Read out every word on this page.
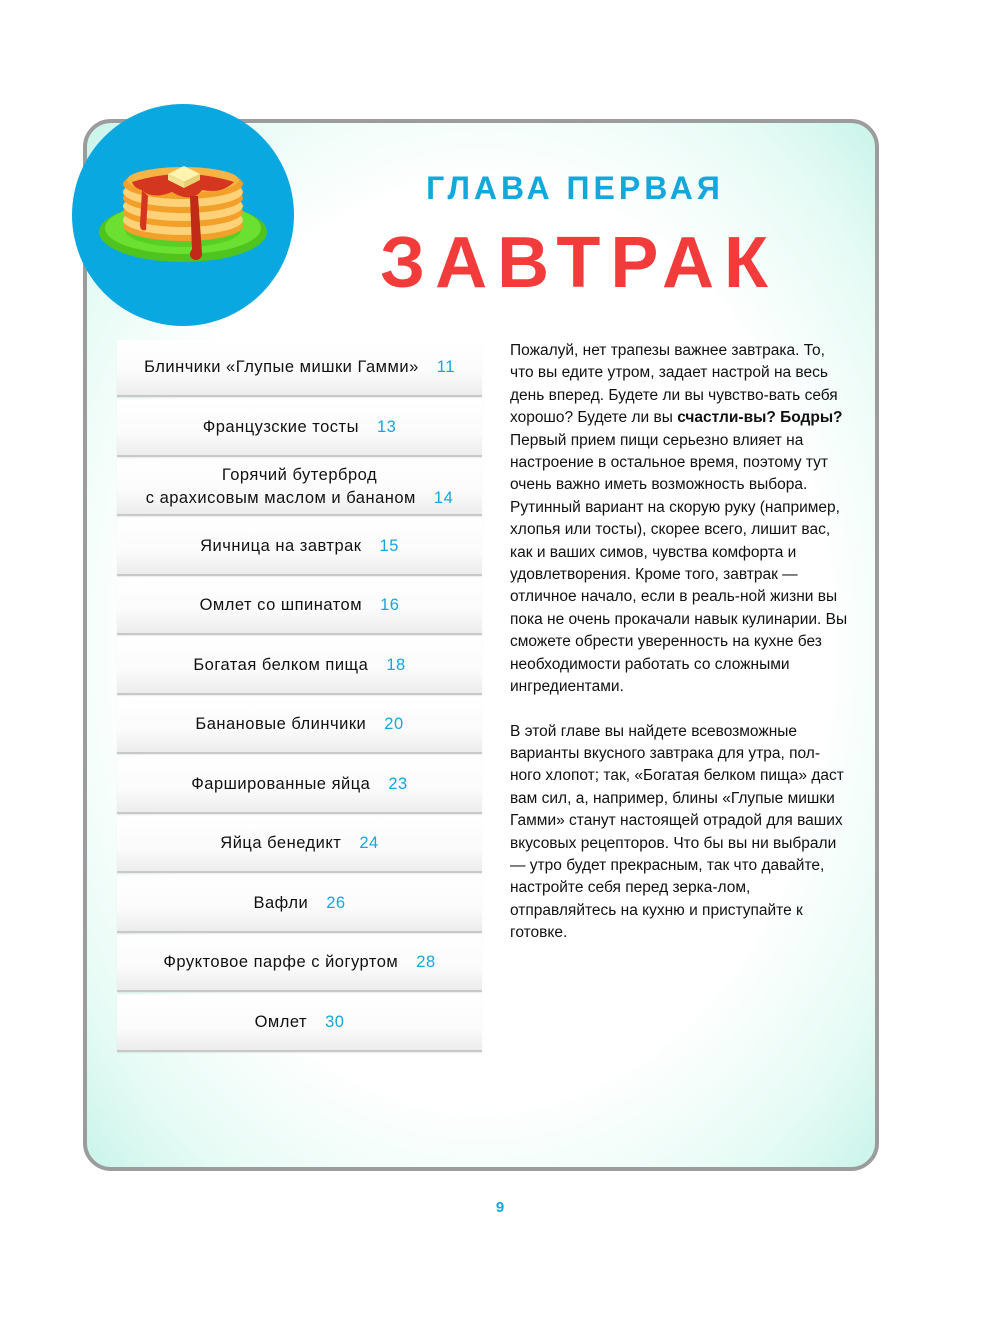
ГЛАВА ПЕРВАЯ
ЗАВТРАК
Блинчики «Глупые мишки Гамми» 11
Французские тосты 13
Горячий бутерброд
с арахисовым маслом и бананом 14
Яичница на завтрак 15
Омлет со шпинатом 16
Богатая белком пища 18
Банановые блинчики 20
Фаршированные яйца 23
Яйца бенедикт 24
Вафли 26
Фруктовое парфе с йогуртом 28
Омлет 30

Пожалуй, нет трапезы важнее завтрака. То, что вы едите утром, задает настрой на весь день вперед. Будете ли вы чувство-вать себя хорошо? Будете ли вы счастли-вы? Бодры? Первый прием пищи серьезно влияет на настроение в остальное время, поэтому тут очень важно иметь возможность выбора. Рутинный вариант на скорую руку (например, хлопья или тосты), скорее всего, лишит вас, как и ваших симов, чувства комфорта и удовлетворения. Кроме того, завтрак — отличное начало, если в реаль-ной жизни вы пока не очень прокачали навык кулинарии. Вы сможете обрести уверенность на кухне без необходимости работать со сложными ингредиентами.

В этой главе вы найдете всевозможные варианты вкусного завтрака для утра, пол-ного хлопот; так, «Богатая белком пища» даст вам сил, а, например, блины «Глупые мишки Гамми» станут настоящей отрадой для ваших вкусовых рецепторов. Что бы вы ни выбрали — утро будет прекрасным, так что давайте, настройте себя перед зерка-лом, отправляйтесь на кухню и приступайте к готовке.

9
